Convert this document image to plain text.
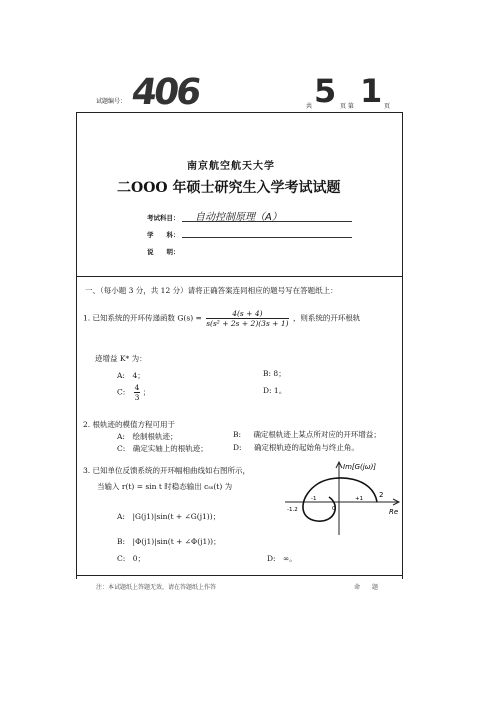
试题编号： 406	共 5 页 第 1 页
南京航空航天大学
二OOO 年硕士研究生入学考试试题
考试科目： 自动控制原理（A）
学　　科：
说　　明：
一、（每小题 3 分，共 12 分）请将正确答案连同相应的题号写在答题纸上：
1. 已知系统的开环传递函数 $G(s) = \frac{4(s + 4)}{\text{s(s² + 2s + 2)(3s + 1)}}$ ，则系统的开环根轨
迹增益 K* 为：
A:　4；	B: 8；
C: $\frac{4}{3}$ ；	D: 1。
2. 根轨迹的模值方程可用于
A:　绘制根轨迹；	B: 确定根轨迹上某点所对应的开环增益；
C:　确定实轴上的根轨迹；	D: 确定根轨迹的起始角与终止角。
3. 已知单位反馈系统的开环幅相曲线如右图所示，
当输入 r(t) = sin t 时稳态输出 cₛₛ(t) 为
A:　|G(j1)|sin(t + ∠G(j1))；
B:　|Φ(j1)|sin(t + ∠Φ(j1))；
C:　0；	D:　∞。
Im[G(jω)]
Re
-1.2
-1
0
+1 2
注：本试题纸上答题无效，请在答题纸上作答	命　　题
